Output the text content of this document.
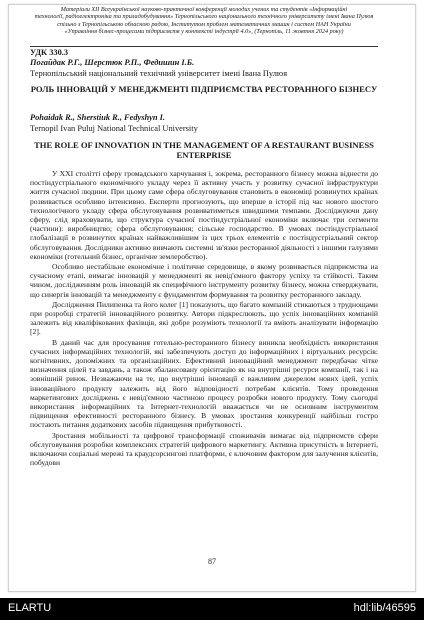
Матеріали XII Всеукраїнської науково-практичної конференції молодих учених та студентів «Інформаційні
технології, радіоелектроніка та приладобудування» Тернопільського національного технічного університету імені Івана Пулюя
спільно з Тернопільською обласною радою, Інститутом проблем математичних машин і систем НАН України
«Управління бізнес-процесами підприємств у контексті індустрії 4.0», (Тернопіль, 11 жовтня 2024 року)
УДК 330.3
Погайдак Р.Г., Шерстюк Р.П., Федишин І.Б.
Тернопільський національний технічний університет імені Івана Пулюя
РОЛЬ ІННОВАЦІЙ У МЕНЕДЖМЕНТІ ПІДПРИЄМСТВА РЕСТОРАННОГО БІЗНЕСУ
Pohaidak R., Sherstiuk R., Fedyshyn I.
Ternopil Ivan Puluj National Technical University
THE ROLE OF INNOVATION IN THE MANAGEMENT OF A RESTAURANT BUSINESS ENTERPRISE

У XXI столітті сферу громадського харчування і, зокрема, ресторанного бізнесу можна віднести до постіндустріального економічного укладу через її активну участь у розвитку сучасної інфраструктури життя сучасної людини. При цьому саме сфера обслуговування становить в економіці розвинутих країнах розвивається особливо інтенсивно. Експерти прогнозують, що вперше в історії під час нового шостого технологічного укладу сфера обслуговування розвиватиметься швидшими темпами. Досліджуючи дану сферу, слід враховувати, що структура сучасної постіндустріальної економіки включає три сегменти (частини): виробництво; сфера обслуговування; сільське господарство. В умовах постіндустріальної глобалізації в розвинутих країнах найважливішим із цих трьох елементів є постіндустріальний сектор обслуговування. Дослідники активно вивчають системні зв'язки ресторанної діяльності з іншими галузями економіки (готельний бізнес, органічне землеробство).

Особливо нестабільне економічне і політичне середовище, в якому розвивається підприємства на сучасному етапі, вимагає інновацій у менеджменті як невід'ємного фактору успіху та стійкості. Таким чином, дослідженням роль інновацій як специфічного інструменту розвитку бізнесу, можна стверджувати, що синергія інновацій та менеджменту є фундаментом формування та розвитку ресторанного закладу.

Дослідження Пилипенка та його колег [1] показують, що багато компаній стикаються з труднощами при розробці стратегій інноваційного розвитку. Автори підкреслюють, що успіх інноваційних компаній залежить від кваліфікованих фахівців, які добре розуміють технології та вміють аналізувати інформацію [2].

В даний час для просування готельно-ресторанного бізнесу виникла необхідність використання сучасних інформаційних технологій, які забезпечують доступ до інформаційних і віртуальних ресурсів: когнітивних, допоміжних та організаційних. Ефективний інноваційний менеджмент передбачає чітке визначення цілей та завдань, а також збалансовану орієнтацію як на внутрішні ресурси компанії, так і на зовнішній ринок. Незважаючи на те, що внутрішні інновації є важливим джерелом нових ідей, успіх інноваційного продукту залежить від його відповідності потребам клієнтів. Тому проведення маркетингових досліджень є невід'ємною частиною процесу розробки нового продукту. Тому сьогодні використання інформаційних та Інтернет-технологій вважається чи не основним інструментом підвищення ефективності ресторанного бізнесу. В умовах зростання конкуренції найбільш гостро постають питання додаткових засобів підвищення прибутковості.

Зростання мобільності та цифрової трансформації споживачів вимагає від підприємств сфери обслуговування розробки комплексних стратегій цифрового маркетингу. Активна присутність в Інтернеті, включаючи соціальні мережі та краудсорсингові платформи, є ключовим фактором для залучення клієнтів, побудови

87
ELARTU	hdl:lib/46595
